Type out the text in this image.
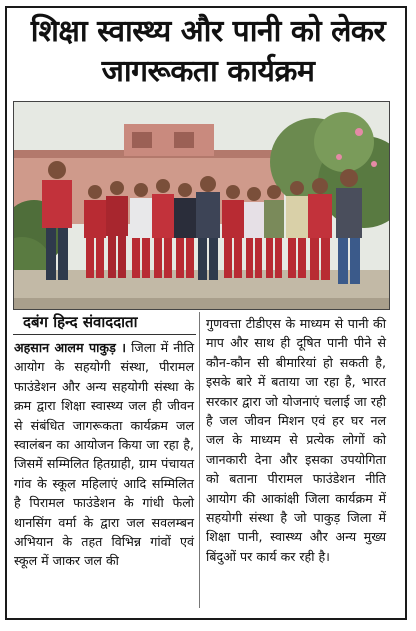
शिक्षा स्वास्थ्य और पानी को लेकर
जागरूकता कार्यक्रम
दबंग हिन्द संवाददाता
अहसान आलम पाकुड़ । जिला में नीति आयोग के सहयोगी संस्था, पीरामल फाउंडेशन और अन्य सहयोगी संस्था के क्रम द्वारा शिक्षा स्वास्थ्य जल ही जीवन से संबंधित जागरूकता कार्यक्रम जल स्वालंबन का आयोजन किया जा रहा है, जिसमें सम्मिलित हितग्राही, ग्राम पंचायत गांव के स्कूल महिलाएं आदि सम्मिलित है पिरामल फाउंडेशन के गांधी फेलो थानसिंग वर्मा के द्वारा जल सवलम्बन अभियान के तहत विभिन्न गांवों एवं स्कूल में जाकर जल की
गुणवत्ता टीडीएस के माध्यम से पानी की माप और साथ ही दूषित पानी पीने से कौन-कौन सी बीमारियां हो सकती है, इसके बारे में बताया जा रहा है, भारत सरकार द्वारा जो योजनाएं चलाई जा रही है जल जीवन मिशन एवं हर घर नल जल के माध्यम से प्रत्येक लोगों को जानकारी देना और इसका उपयोगिता को बताना पीरामल फाउंडेशन नीति आयोग की आकांक्षी जिला कार्यक्रम में सहयोगी संस्था है जो पाकुड़ जिला में शिक्षा पानी, स्वास्थ्य और अन्य मुख्य बिंदुओं पर कार्य कर रही है।
